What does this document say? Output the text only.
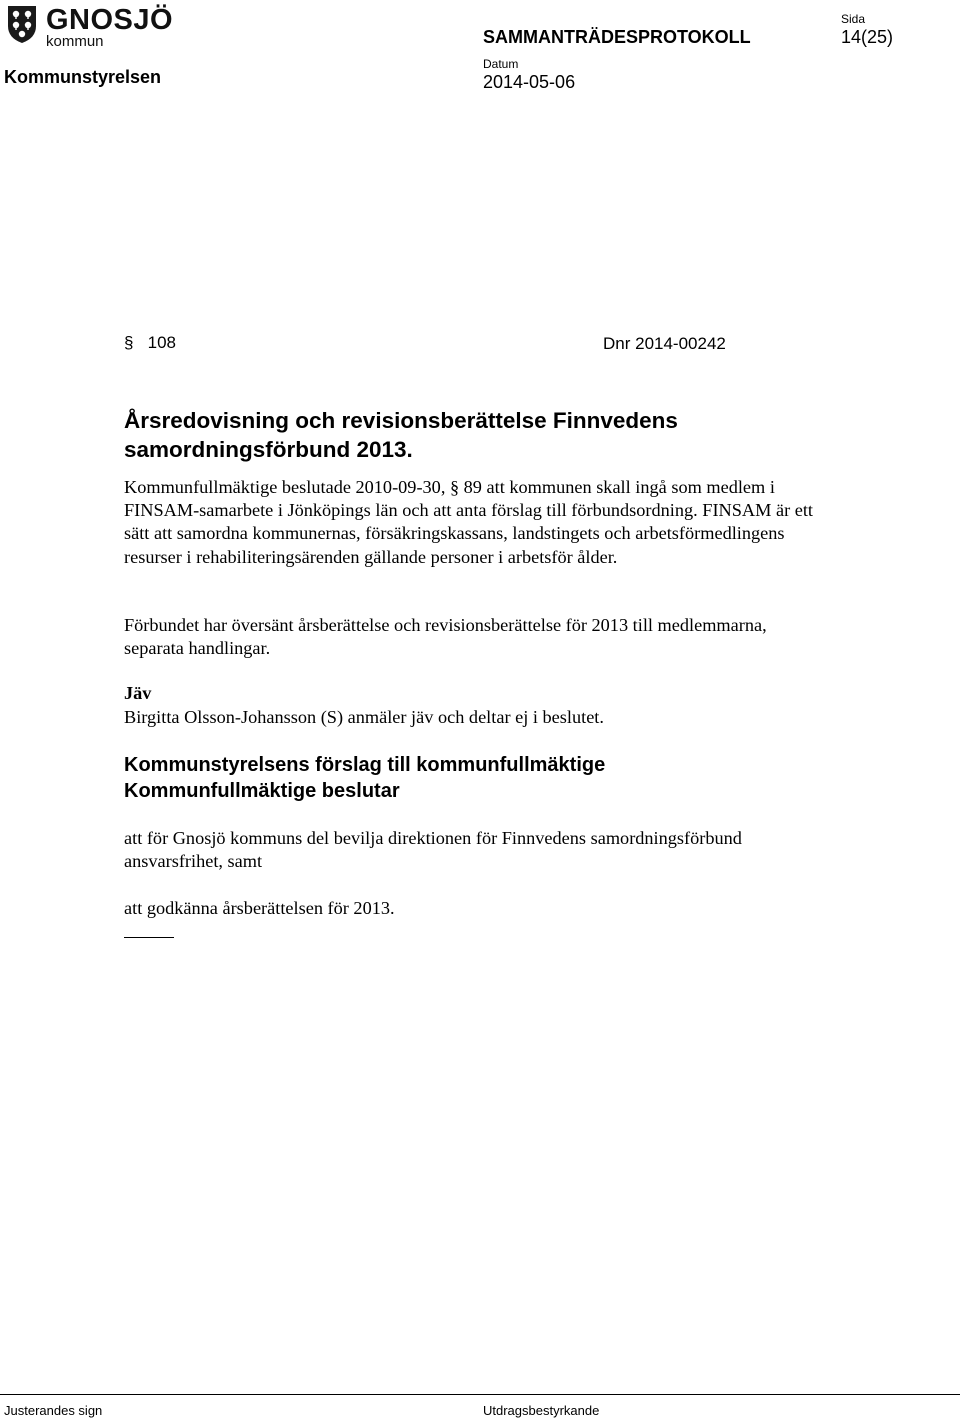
GNOSJÖ
kommun
Kommunstyrelsen
SAMMANTRÄDESPROTOKOLL
Datum
2014-05-06
Sida
14(25)
§ 108	Dnr 2014-00242
Årsredovisning och revisionsberättelse Finnvedens samordningsförbund 2013.
Kommunfullmäktige beslutade 2010-09-30, § 89 att kommunen skall ingå som medlem i FINSAM-samarbete i Jönköpings län och att anta förslag till förbundsordning. FINSAM är ett sätt att samordna kommunernas, försäkringskassans, landstingets och arbetsförmedlingens resurser i rehabiliteringsärenden gällande personer i arbetsför ålder.
Förbundet har översänt årsberättelse och revisionsberättelse för 2013 till medlemmarna, separata handlingar.
Jäv
Birgitta Olsson-Johansson (S) anmäler jäv och deltar ej i beslutet.
Kommunstyrelsens förslag till kommunfullmäktige
Kommunfullmäktige beslutar
att för Gnosjö kommuns del bevilja direktionen för Finnvedens samordningsförbund ansvarsfrihet, samt
att godkänna årsberättelsen för 2013.
Justerandes sign	Utdragsbestyrkande
